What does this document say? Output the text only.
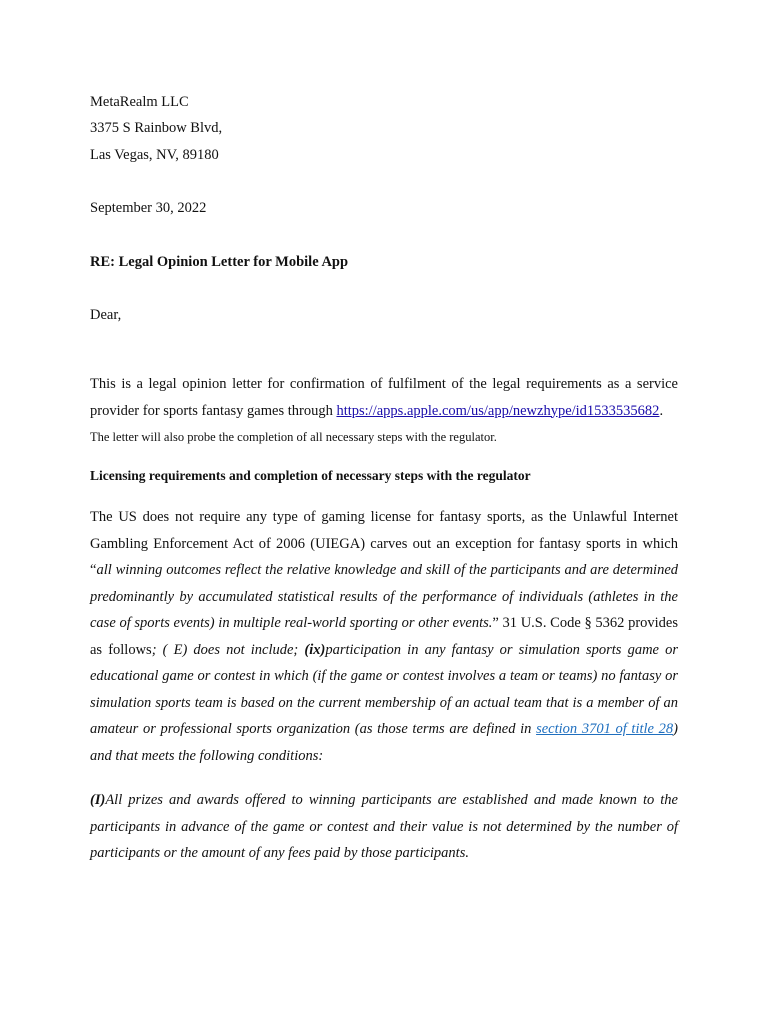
MetaRealm LLC
3375 S Rainbow Blvd,
Las Vegas, NV, 89180
September 30, 2022
RE: Legal Opinion Letter for Mobile App
Dear,

This is a legal opinion letter for confirmation of fulfilment of the legal requirements as a service provider for sports fantasy games through https://apps.apple.com/us/app/newzhype/id1533535682.
The letter will also probe the completion of all necessary steps with the regulator.

Licensing requirements and completion of necessary steps with the regulator

The US does not require any type of gaming license for fantasy sports, as the Unlawful Internet Gambling Enforcement Act of 2006 (UIEGA) carves out an exception for fantasy sports in which “all winning outcomes reflect the relative knowledge and skill of the participants and are determined predominantly by accumulated statistical results of the performance of individuals (athletes in the case of sports events) in multiple real-world sporting or other events.” 31 U.S. Code § 5362 provides as follows; ( E) does not include; (ix)participation in any fantasy or simulation sports game or educational game or contest in which (if the game or contest involves a team or teams) no fantasy or simulation sports team is based on the current membership of an actual team that is a member of an amateur or professional sports organization (as those terms are defined in section 3701 of title 28) and that meets the following conditions:

(I)All prizes and awards offered to winning participants are established and made known to the participants in advance of the game or contest and their value is not determined by the number of participants or the amount of any fees paid by those participants.
